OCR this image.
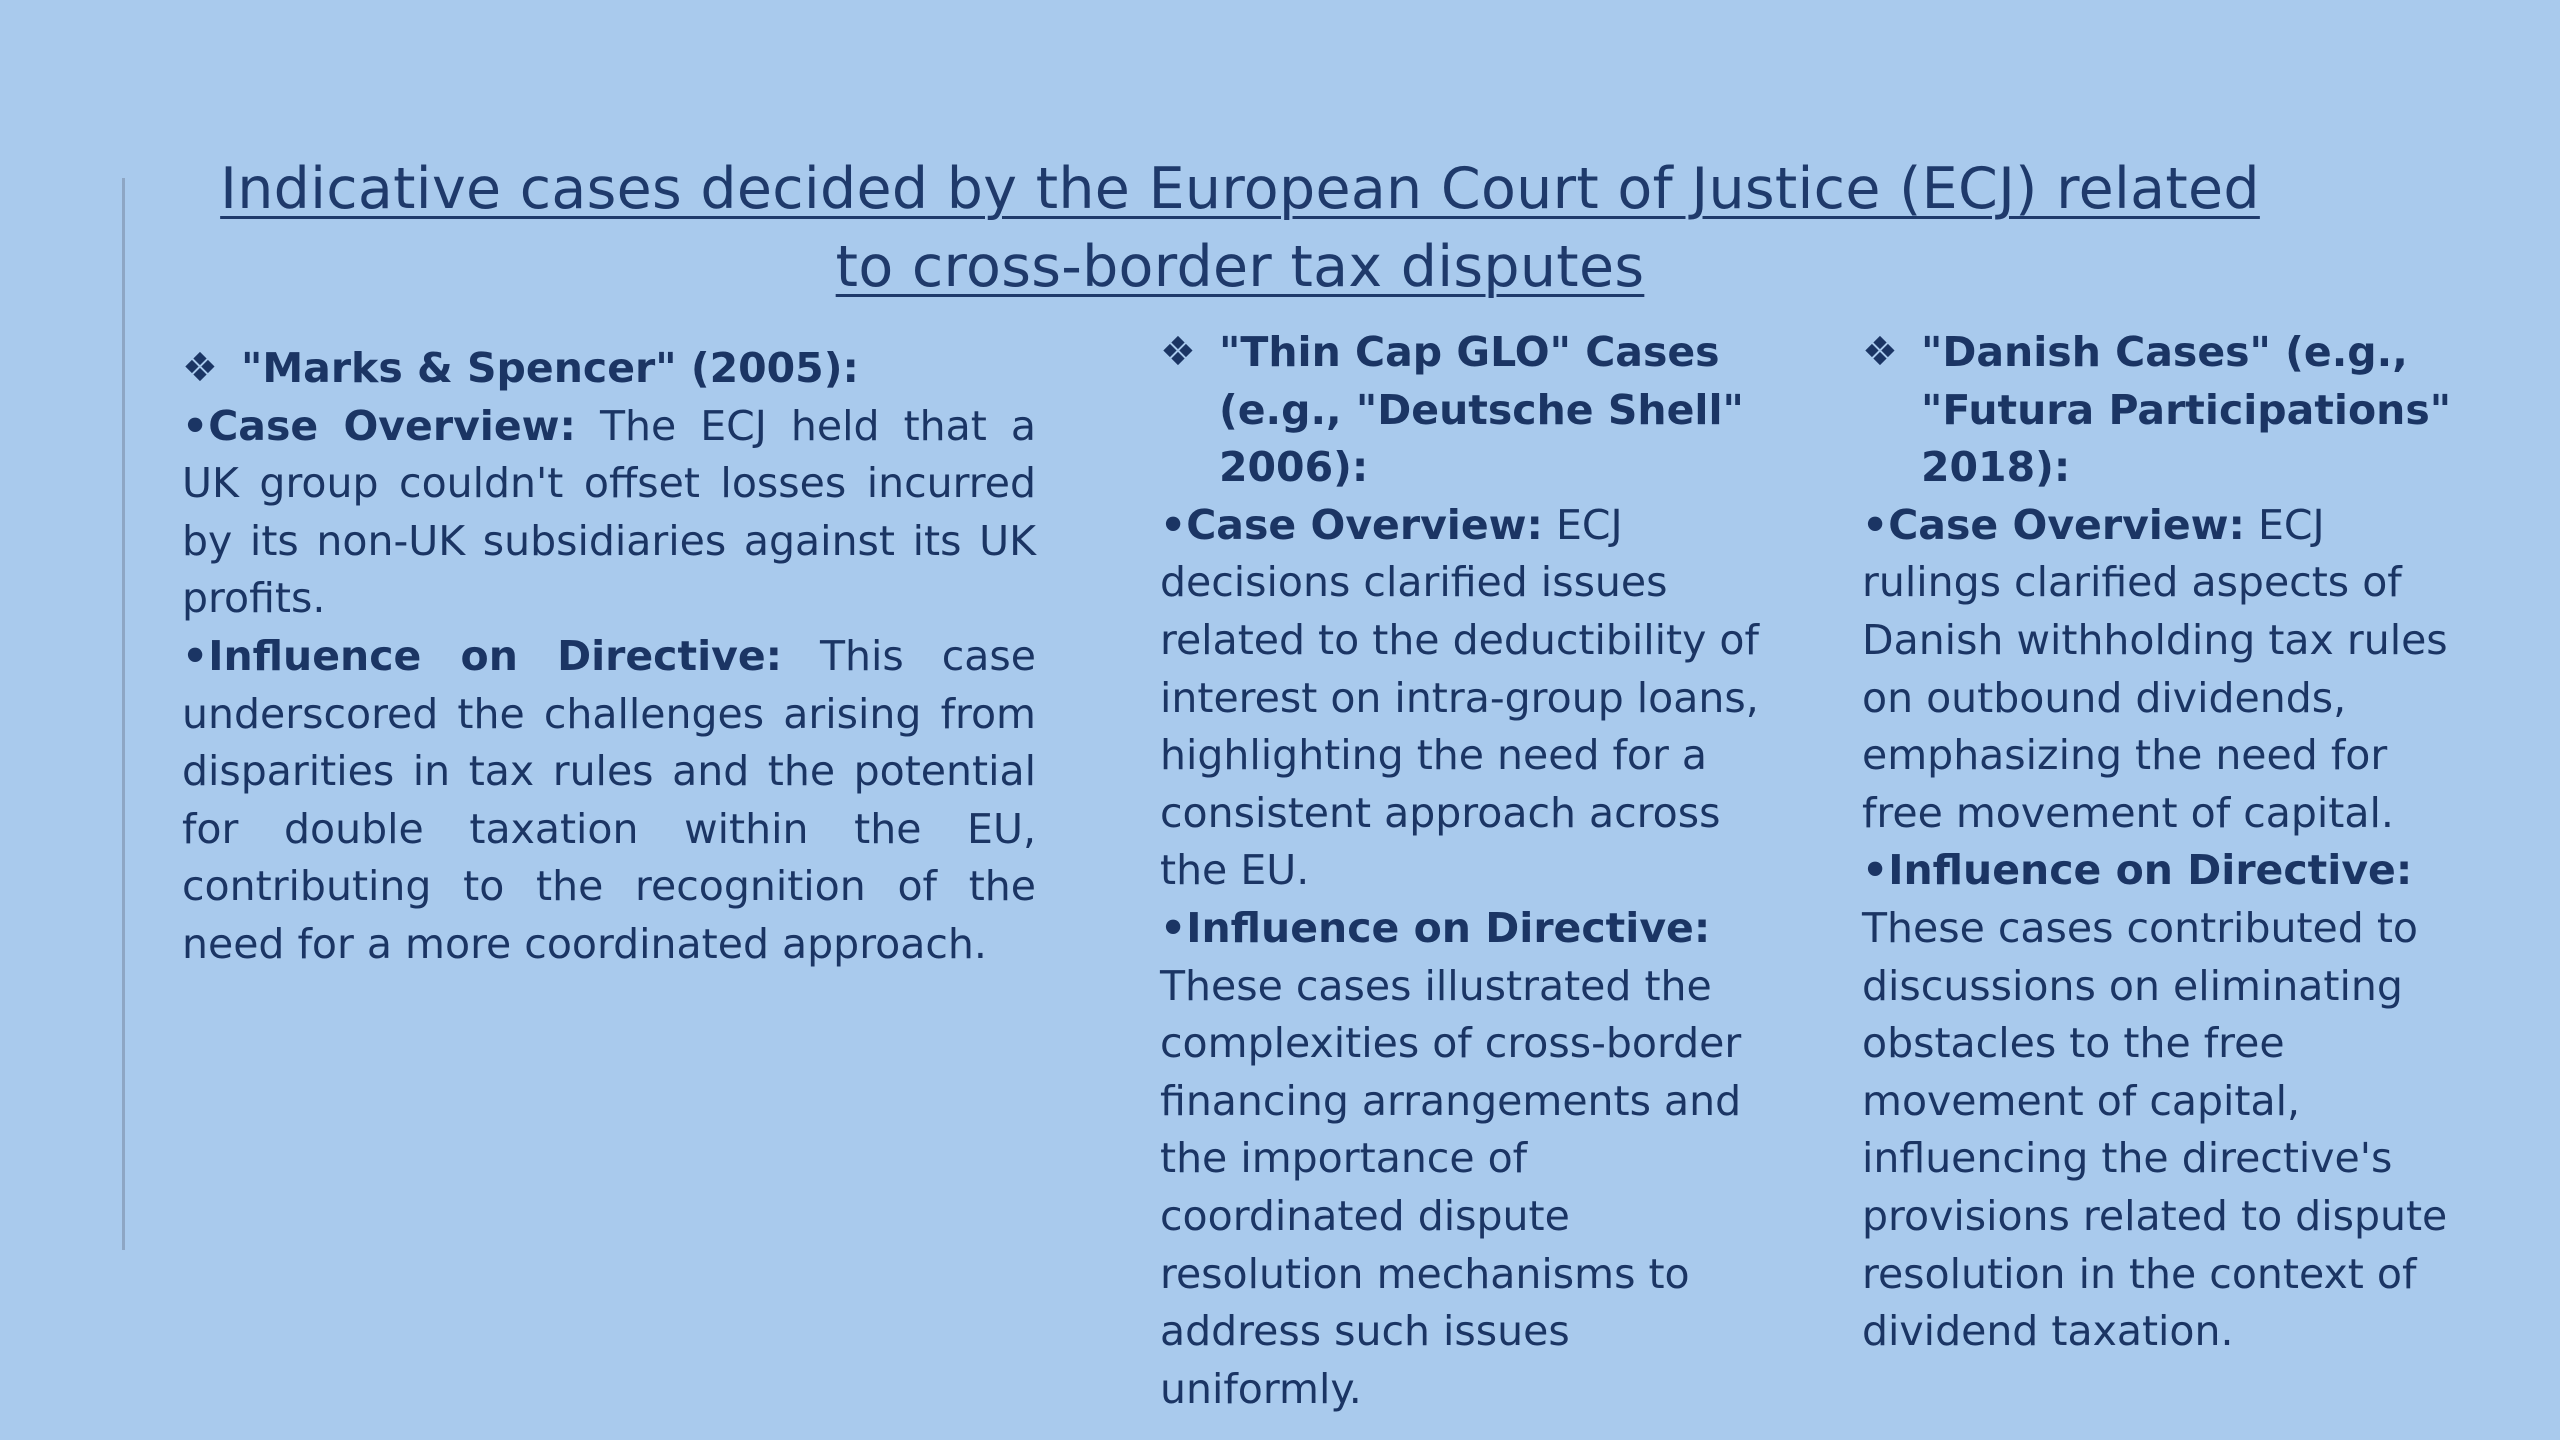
Indicative cases decided by the European Court of Justice (ECJ) related to cross-border tax disputes
❖ "Marks & Spencer" (2005):

•Case Overview: The ECJ held that a UK group couldn't offset losses incurred by its non-UK subsidiaries against its UK profits.

•Influence on Directive: This case underscored the challenges arising from disparities in tax rules and the potential for double taxation within the EU, contributing to the recognition of the need for a more coordinated approach.

❖ "Thin Cap GLO" Cases (e.g., "Deutsche Shell" 2006):

•Case Overview: ECJ decisions clarified issues related to the deductibility of interest on intra-group loans, highlighting the need for a consistent approach across the EU.

•Influence on Directive:
These cases illustrated the complexities of cross-border financing arrangements and the importance of coordinated dispute resolution mechanisms to address such issues uniformly.

❖ "Danish Cases" (e.g., "Futura Participations" 2018):

•Case Overview: ECJ rulings clarified aspects of Danish withholding tax rules on outbound dividends, emphasizing the need for free movement of capital.

•Influence on Directive:
These cases contributed to discussions on eliminating obstacles to the free movement of capital, influencing the directive's provisions related to dispute resolution in the context of dividend taxation.
